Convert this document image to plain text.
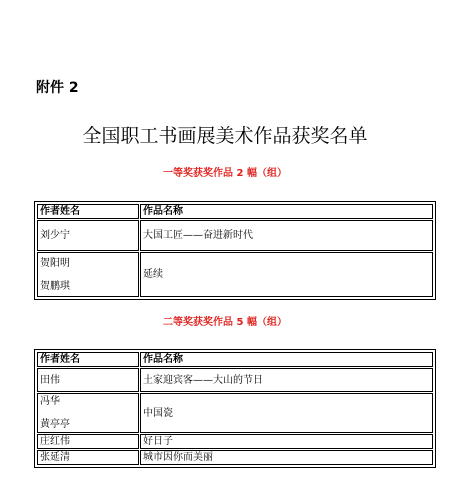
附件 2
全国职工书画展美术作品获奖名单
一等奖获奖作品 2 幅（组）
作者姓名	作品名称

刘少宁	大国工匠——奋进新时代

贺阳明
贺鹏琪	延续
二等奖获奖作品 5 幅（组）
作者姓名	作品名称

田伟	土家迎宾客——大山的节日

冯华
黄亭亭	中国瓷

庄红伟	好日子

张延清	城市因你而美丽
